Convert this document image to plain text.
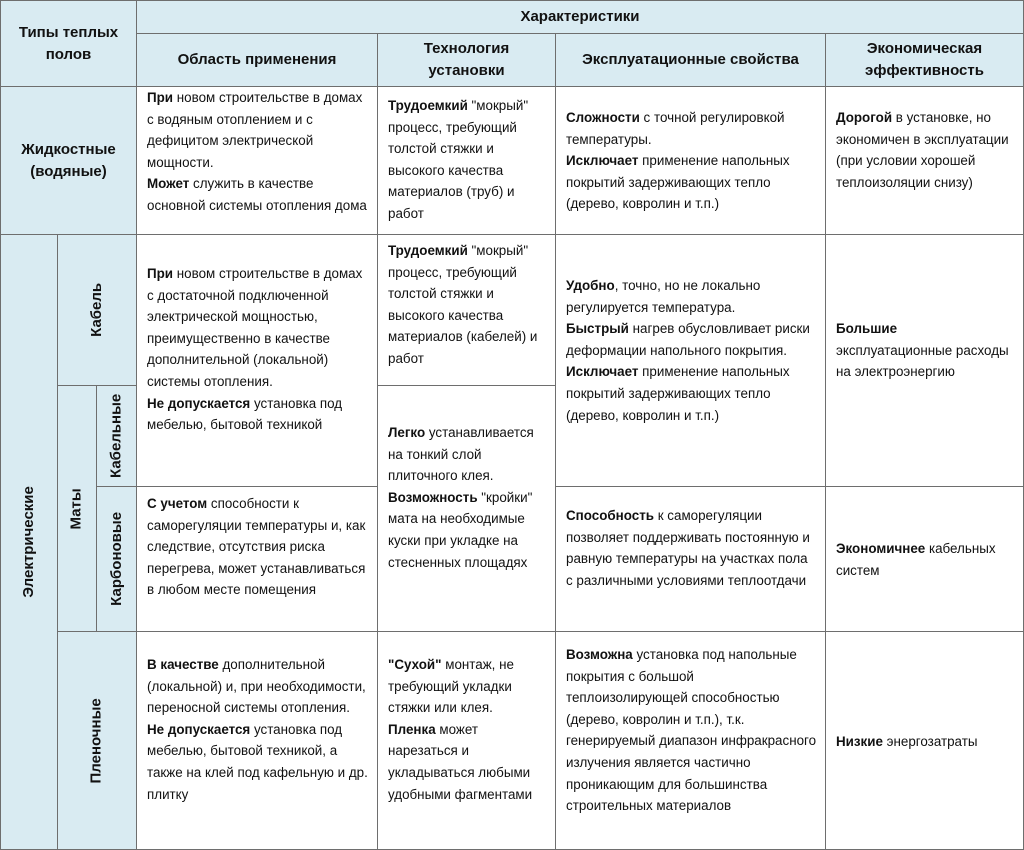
Типы теплых полов
Характеристики
Область применения
Технология
установки
Эксплуатационные свойства
Экономическая
эффективность
Жидкостные
(водяные)

При новом строительстве в домах с водяным отоплением и с дефицитом электрической мощности.

Может служить в качестве основной системы отопления дома

Трудоемкий "мокрый" процесс, требующий толстой стяжки и высокого качества материалов (труб) и работ

Сложности с точной регулировкой температуры.

Исключает применение напольных покрытий задерживающих тепло (дерево, ковролин и т.п.)

Дорогой в установке, но экономичен в эксплуатации (при условии хорошей теплоизоляции снизу)

Электрические
Кабель
Маты
Кабельные
Карбоновые
Пленочные

При новом строительстве в домах с достаточной подключенной электрической мощностью, преимущественно в качестве дополнительной (локальной) системы отопления.

Не допускается установка под мебелью, бытовой техникой

Трудоемкий "мокрый" процесс, требующий толстой стяжки и высокого качества материалов (кабелей) и работ

Легко устанавливается на тонкий слой плиточного клея.

Возможность "кройки" мата на необходимые куски при укладке на стесненных площадях

Удобно, точно, но не локально регулируется температура.

Быстрый нагрев обусловливает риски деформации напольного покрытия.

Исключает применение напольных покрытий задерживающих тепло (дерево, ковролин и т.п.)

Большие эксплуатационные расходы на электроэнергию

С учетом способности к саморегуляции температуры и, как следствие, отсутствия риска перегрева, может устанавливаться в любом месте помещения

Способность к саморегуляции позволяет поддерживать постоянную и равную температуры на участках пола с различными условиями теплоотдачи

Экономичнее кабельных систем

В качестве дополнительной (локальной) и, при необходимости, переносной системы отопления.

Не допускается установка под мебелью, бытовой техникой, а также на клей под кафельную и др. плитку

"Сухой" монтаж, не требующий укладки стяжки или клея.

Пленка может нарезаться и укладываться любыми удобными фагментами

Возможна установка под напольные покрытия с большой теплоизолирующей способностью (дерево, ковролин и т.п.), т.к. генерируемый диапазон инфракрасного излучения является частично проникающим для большинства строительных материалов

Низкие энергозатраты
